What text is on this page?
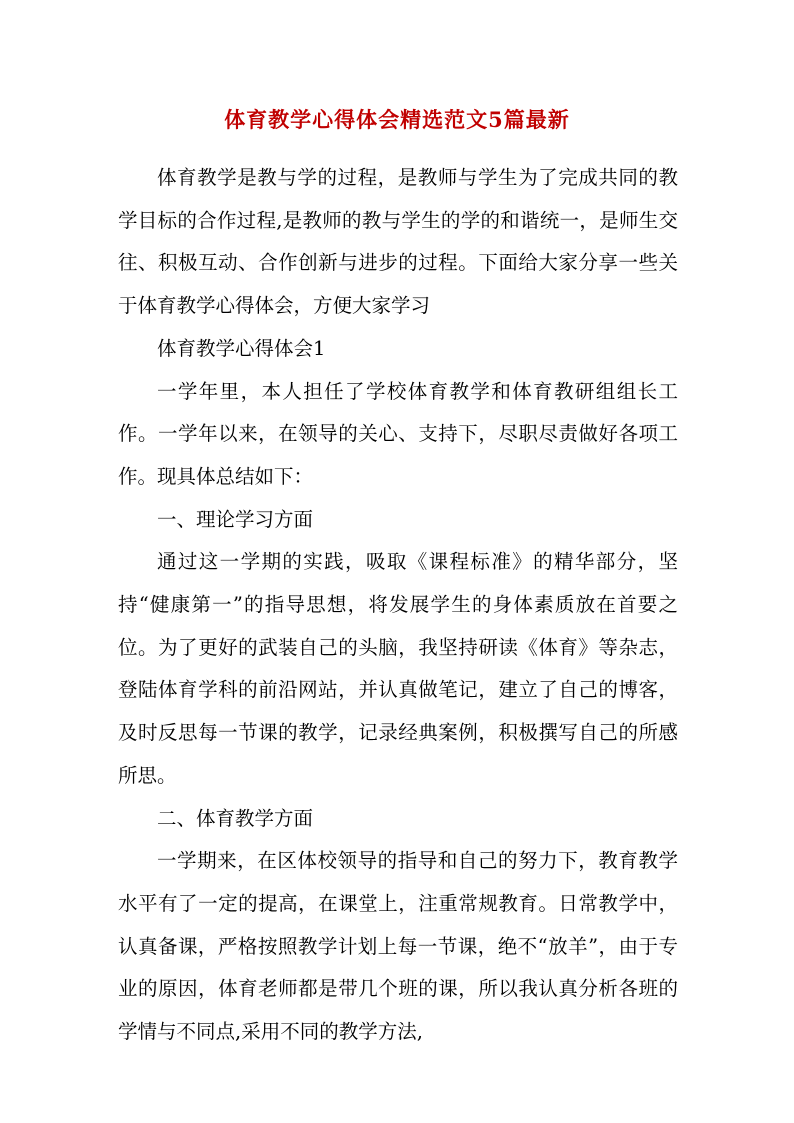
体育教学心得体会精选范文5篇最新

体育教学是教与学的过程，是教师与学生为了完成共同的教学目标的合作过程,是教师的教与学生的学的和谐统一，是师生交往、积极互动、合作创新与进步的过程。下面给大家分享一些关于体育教学心得体会，方便大家学习

体育教学心得体会1

一学年里，本人担任了学校体育教学和体育教研组组长工作。一学年以来，在领导的关心、支持下，尽职尽责做好各项工作。现具体总结如下：

一、理论学习方面

通过这一学期的实践，吸取《课程标准》的精华部分，坚持“健康第一”的指导思想，将发展学生的身体素质放在首要之位。为了更好的武装自己的头脑，我坚持研读《体育》等杂志，登陆体育学科的前沿网站，并认真做笔记，建立了自己的博客，及时反思每一节课的教学，记录经典案例，积极撰写自己的所感所思。

二、体育教学方面

一学期来，在区体校领导的指导和自己的努力下，教育教学水平有了一定的提高，在课堂上，注重常规教育。日常教学中，认真备课，严格按照教学计划上每一节课，绝不“放羊”，由于专业的原因，体育老师都是带几个班的课，所以我认真分析各班的学情与不同点,采用不同的教学方法,
